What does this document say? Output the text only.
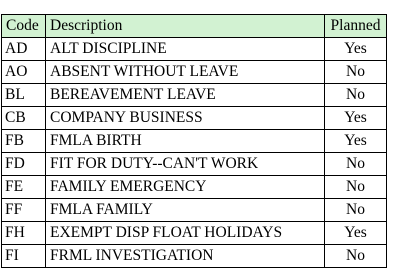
Code	Description	Planned
AD	ALT DISCIPLINE	Yes
AO	ABSENT WITHOUT LEAVE	No
BL	BEREAVEMENT LEAVE	No
CB	COMPANY BUSINESS	Yes
FB	FMLA BIRTH	Yes
FD	FIT FOR DUTY--CAN'T WORK	No
FE	FAMILY EMERGENCY	No
FF	FMLA FAMILY	No
FH	EXEMPT DISP FLOAT HOLIDAYS	Yes
FI	FRML INVESTIGATION	No
